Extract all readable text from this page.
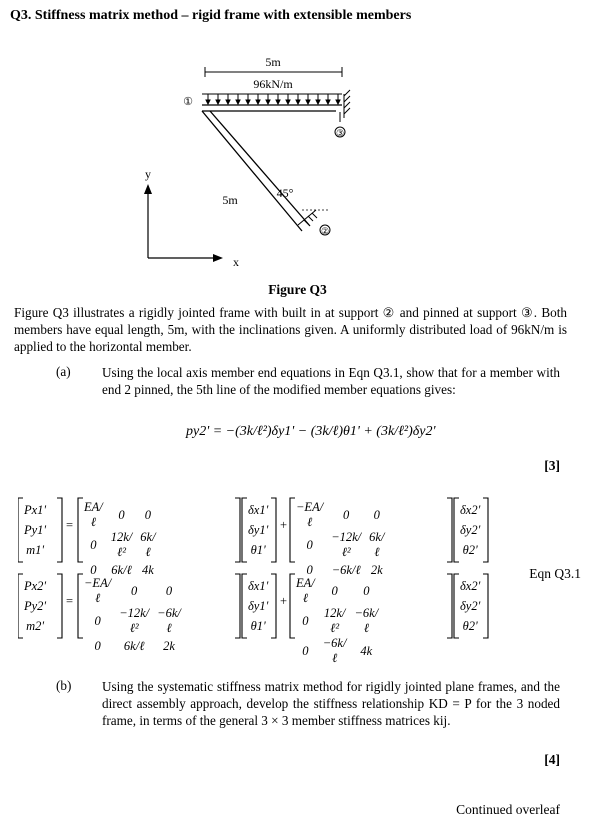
Q3. Stiffness matrix method – rigid frame with extensible members
5m
96kN/m
③
①
5m	45°
②
y
x
Figure Q3
Figure Q3 illustrates a rigidly jointed frame with built in at support ② and pinned at support ③. Both members have equal length, 5m, with the inclinations given. A uniformly distributed load of 96kN/m is applied to the horizontal member.
(a) Using the local axis member end equations in Eqn Q3.1, show that for a member with end 2 pinned, the 5th line of the modified member equations gives:
py2' = −(3k/ℓ²)δy1' − (3k/ℓ)θ1' + (3k/ℓ²)δy2'
[3]
Px1'
Py1'
m1'
=
EA/ℓ	0	0
0	12k/ℓ²	6k/ℓ
0	6k/ℓ	4k
δx1'
δy1'
θ1'
+
−EA/ℓ	0	0
0	−12k/ℓ²	6k/ℓ
0	−6k/ℓ	2k
δx2'
δy2'
θ2'
Px2'
Py2'
m2'
=
−EA/ℓ	0	0
0	−12k/ℓ²	−6k/ℓ
0	6k/ℓ	2k
δx1'
δy1'
θ1'
+
EA/ℓ	0	0
0	12k/ℓ²	−6k/ℓ
0	−6k/ℓ	4k
δx2'
δy2'
θ2'
Eqn Q3.1
(b) Using the systematic stiffness matrix method for rigidly jointed plane frames, and the direct assembly approach, develop the stiffness relationship KD = P for the 3 noded frame, in terms of the general 3 × 3 member stiffness matrices kij.
[4]
Continued overleaf
